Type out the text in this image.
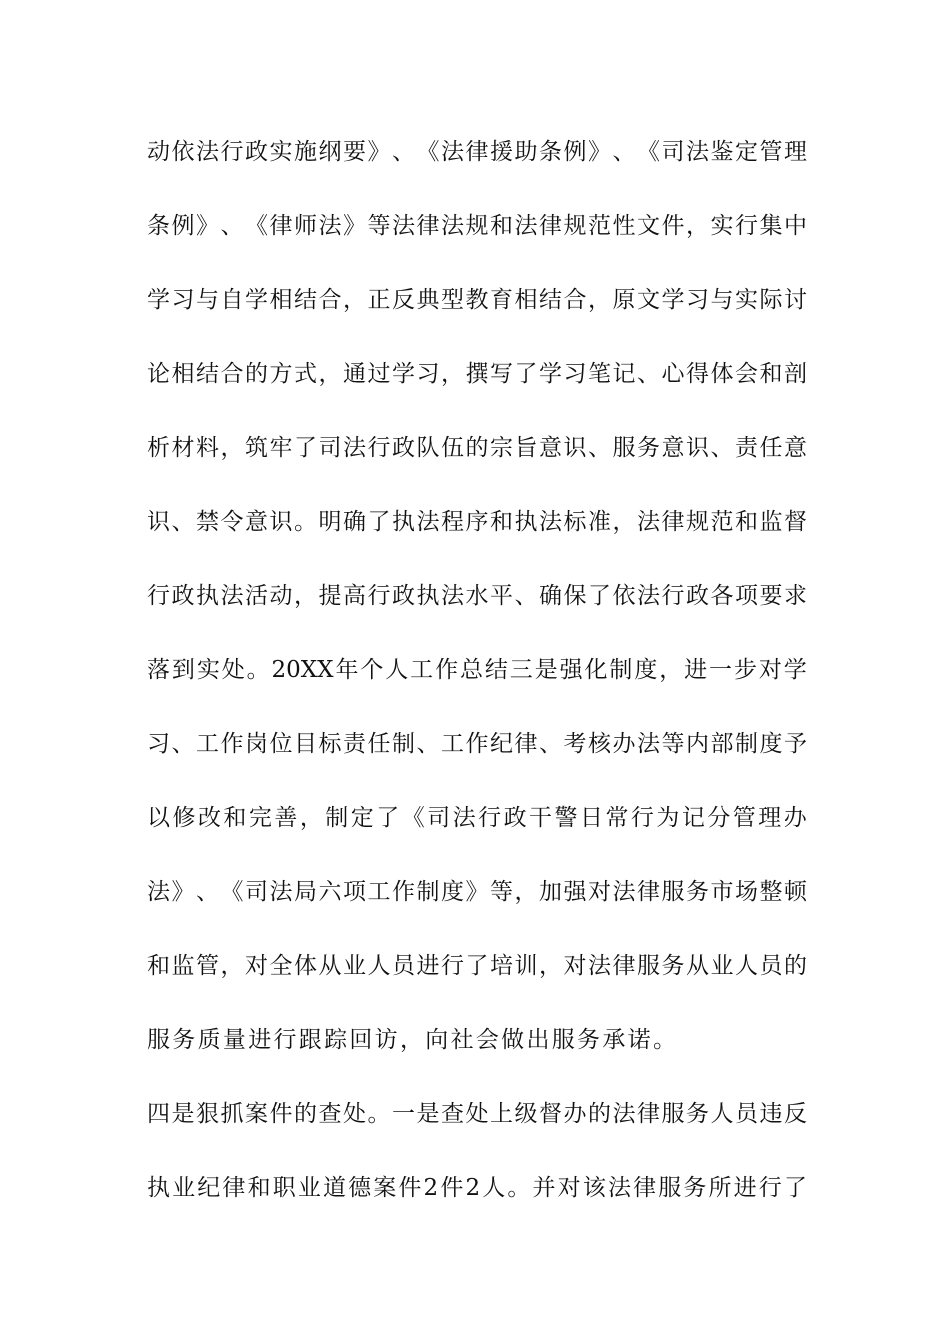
动 依 法 行 政 实 施 纲 要 》 、 《 法 律 援 助 条 例 》 、 《 司 法 鉴 定 管 理
条 例 》 、 《 律 师 法 》 等 法 律 法 规 和 法 律 规 范 性 文 件 ， 实 行 集 中
学 习 与 自 学 相 结 合 ， 正 反 典 型 教 育 相 结 合 ， 原 文 学 习 与 实 际 讨
论 相 结 合 的 方 式 ， 通 过 学 习 ， 撰 写 了 学 习 笔 记 、 心 得 体 会 和 剖
析 材 料 ， 筑 牢 了 司 法 行 政 队 伍 的 宗 旨 意 识 、 服 务 意 识 、 责 任 意
识 、 禁 令 意 识 。 明 确 了 执 法 程 序 和 执 法 标 准 ， 法 律 规 范 和 监 督
行 政 执 法 活 动 ， 提 高 行 政 执 法 水 平 、 确 保 了 依 法 行 政 各 项 要 求
落 到 实 处 。 20XX 年 个 人 工 作 总 结 三 是 强 化 制 度 ， 进 一 步 对 学
习 、 工 作 岗 位 目 标 责 任 制 、 工 作 纪 律 、 考 核 办 法 等 内 部 制 度 予
以 修 改 和 完 善 ， 制 定 了 《 司 法 行 政 干 警 日 常 行 为 记 分 管 理 办
法 》 、 《 司 法 局 六 项 工 作 制 度 》 等 ， 加 强 对 法 律 服 务 市 场 整 顿
和 监 管 ， 对 全 体 从 业 人 员 进 行 了 培 训 ， 对 法 律 服 务 从 业 人 员 的
服 务 质 量 进 行 跟 踪 回 访 ， 向 社 会 做 出 服 务 承 诺 。
四 是 狠 抓 案 件 的 查 处 。 一 是 查 处 上 级 督 办 的 法 律 服 务 人 员 违 反
执 业 纪 律 和 职 业 道 德 案 件 2 件 2 人 。 并 对 该 法 律 服 务 所 进 行 了
